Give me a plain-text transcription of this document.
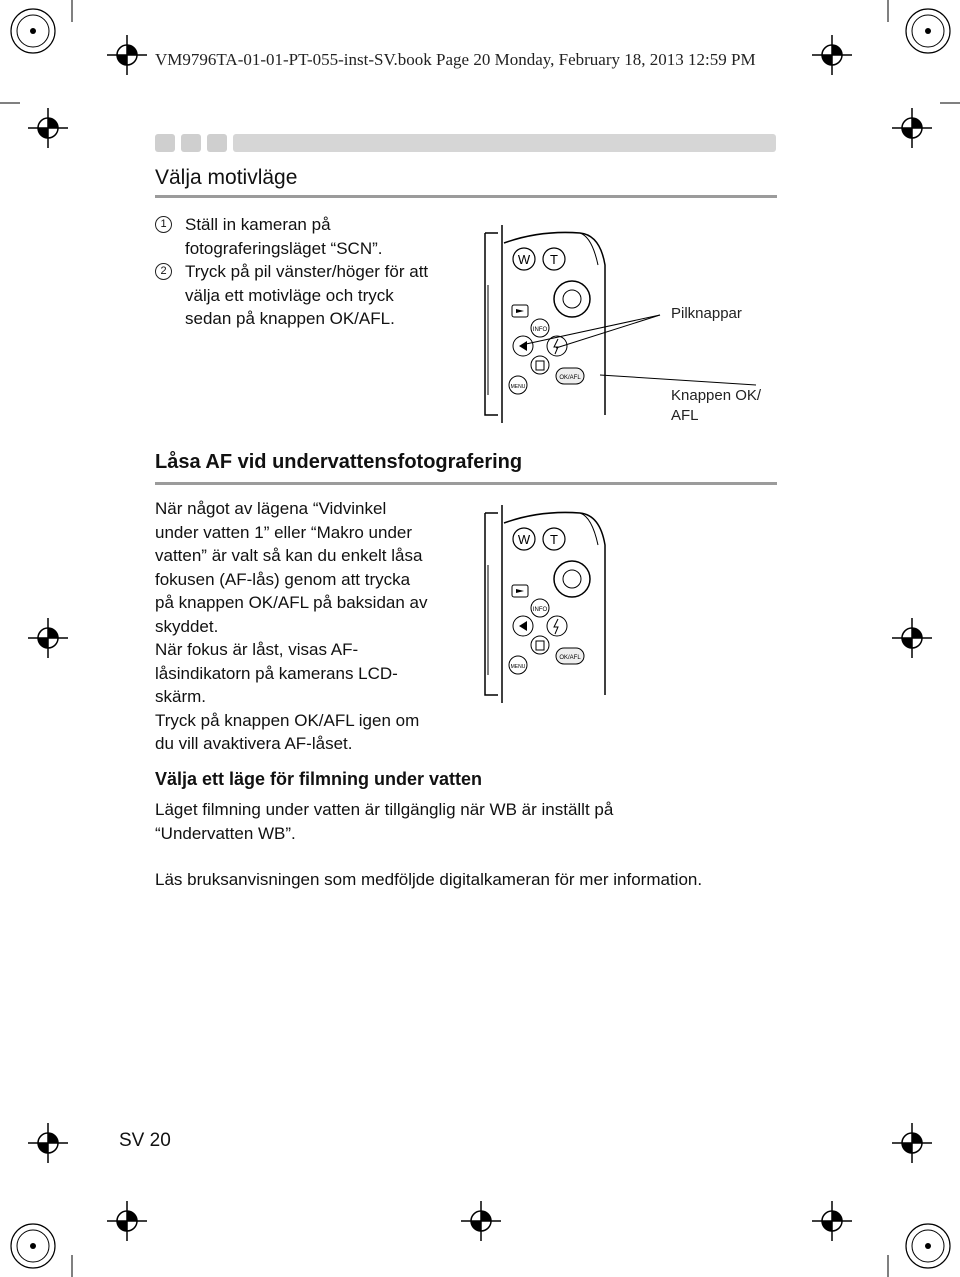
VM9796TA-01-01-PT-055-inst-SV.book Page 20 Monday, February 18, 2013 12:59 PM
Välja motivläge
1	Ställ in kameran på
fotograferingsläget “SCN”.
2	Tryck på pil vänster/höger för att
välja ett motivläge och tryck
sedan på knappen OK/AFL.
W T
INFO
MENU
OK/AFL
Pilknappar
Knappen OK/
AFL
Låsa AF vid undervattensfotografering
När något av lägena “Vidvinkel
under vatten 1” eller “Makro under
vatten” är valt så kan du enkelt låsa
fokusen (AF-lås) genom att trycka
på knappen OK/AFL på baksidan av
skyddet.
När fokus är låst, visas AF-
låsindikatorn på kamerans LCD-
skärm.
Tryck på knappen OK/AFL igen om
du vill avaktivera AF-låset.
W T
INFO
MENU
OK/AFL
Välja ett läge för filmning under vatten
Läget filmning under vatten är tillgänglig när WB är inställt på
“Undervatten WB”.
Läs bruksanvisningen som medföljde digitalkameran för mer information.
SV 20
